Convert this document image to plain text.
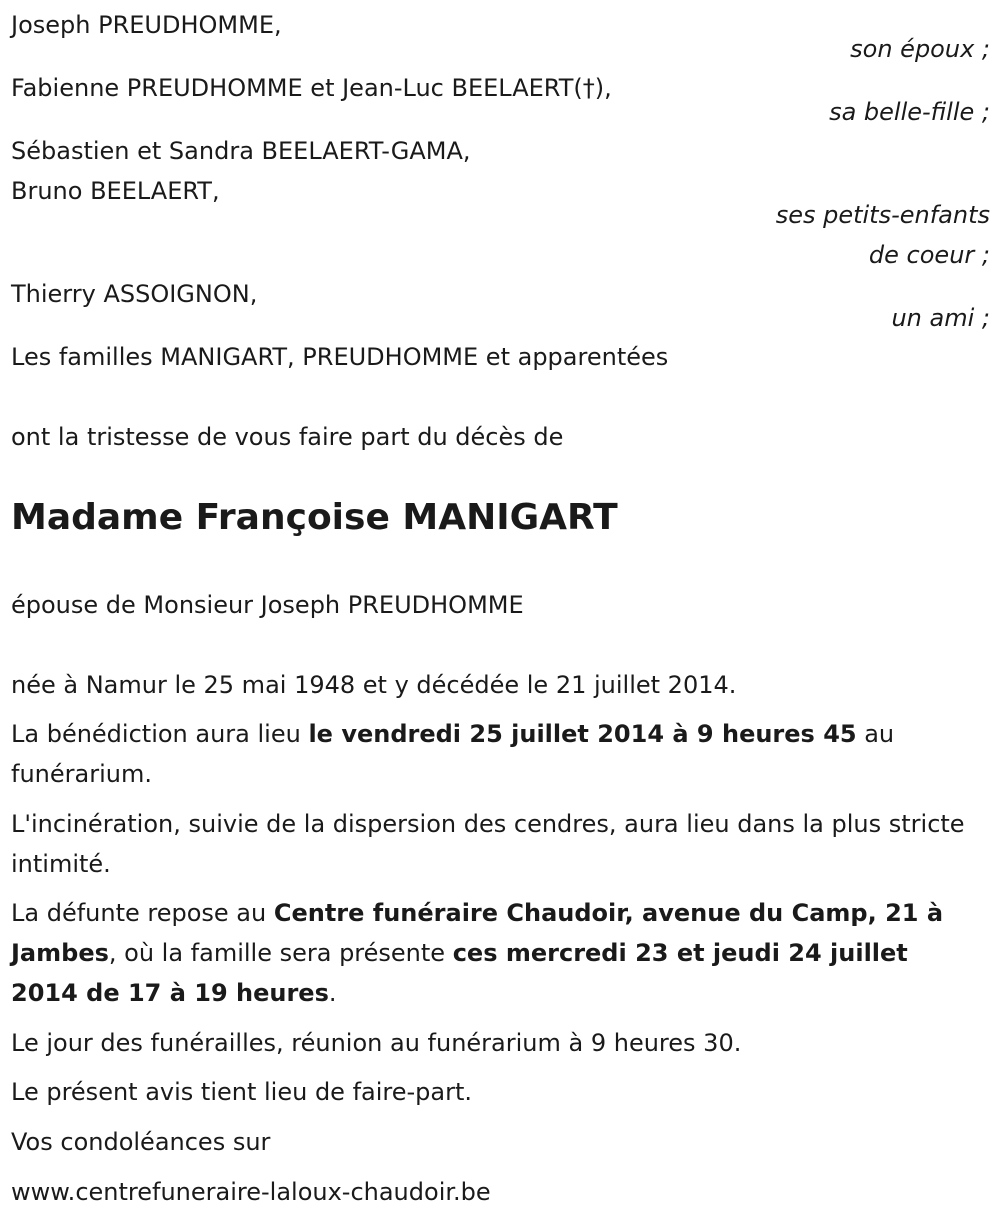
Joseph PREUDHOMME,
son époux ;
Fabienne PREUDHOMME et Jean-Luc BEELAERT(†),
sa belle-fille ;
Sébastien et Sandra BEELAERT-GAMA,
Bruno BEELAERT,
ses petits-enfants
de coeur ;
Thierry ASSOIGNON,
un ami ;
Les familles MANIGART, PREUDHOMME et apparentées
ont la tristesse de vous faire part du décès de
Madame Françoise MANIGART
épouse de Monsieur Joseph PREUDHOMME
née à Namur le 25 mai 1948 et y décédée le 21 juillet 2014.
La bénédiction aura lieu le vendredi 25 juillet 2014 à 9 heures 45 au funérarium.
L'incinération, suivie de la dispersion des cendres, aura lieu dans la plus stricte intimité.
La défunte repose au Centre funéraire Chaudoir, avenue du Camp, 21 à Jambes, où la famille sera présente ces mercredi 23 et jeudi 24 juillet 2014 de 17 à 19 heures.
Le jour des funérailles, réunion au funérarium à 9 heures 30.
Le présent avis tient lieu de faire-part.
Vos condoléances sur
www.centrefuneraire-laloux-chaudoir.be
